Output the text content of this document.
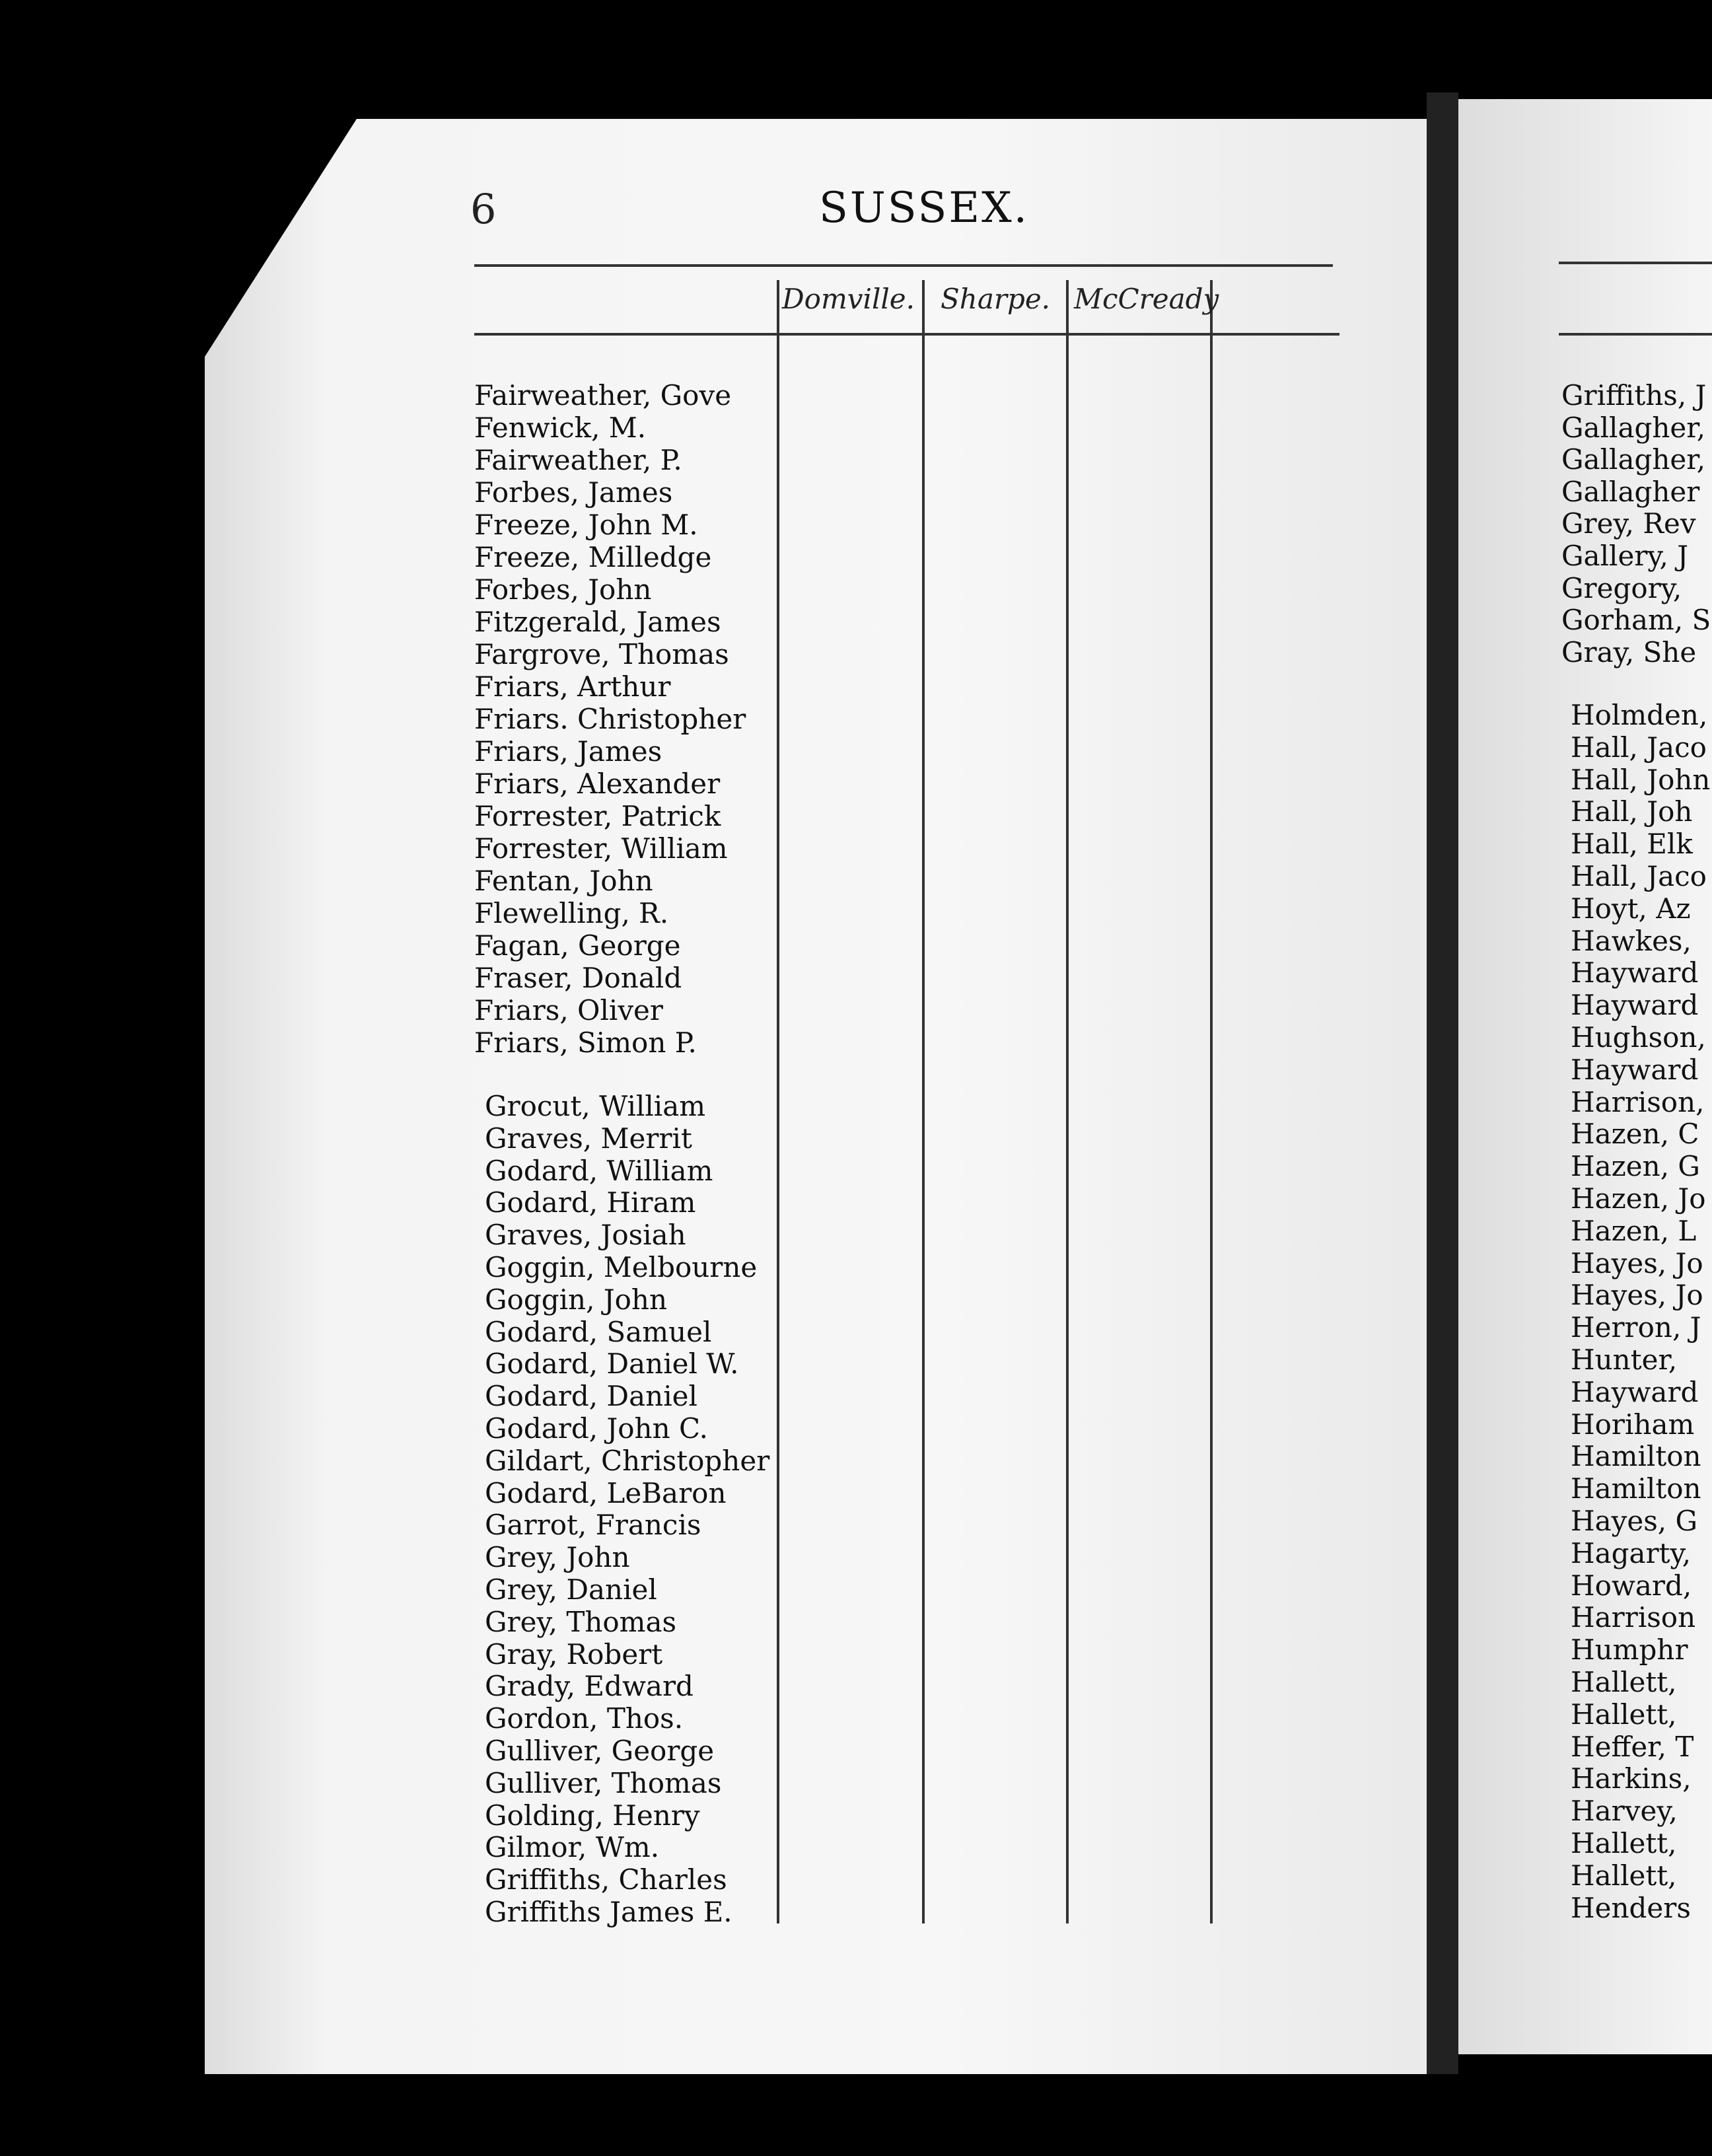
6	SUSSEX.
Domville. Sharpe. McCready
Fairweather, Gove
Fenwick, M.
Fairweather, P.
Forbes, James
Freeze, John M.
Freeze, Milledge
Forbes, John
Fitzgerald, James
Fargrove, Thomas
Friars, Arthur
Friars. Christopher
Friars, James
Friars, Alexander
Forrester, Patrick
Forrester, William
Fentan, John
Flewelling, R.
Fagan, George
Fraser, Donald
Friars, Oliver
Friars, Simon P.
Grocut, William
Graves, Merrit
Godard, William
Godard, Hiram
Graves, Josiah
Goggin, Melbourne
Goggin, John
Godard, Samuel
Godard, Daniel W.
Godard, Daniel
Godard, John C.
Gildart, Christopher
Godard, LeBaron
Garrot, Francis
Grey, John
Grey, Daniel
Grey, Thomas
Gray, Robert
Grady, Edward
Gordon, Thos.
Gulliver, George
Gulliver, Thomas
Golding, Henry
Gilmor, Wm.
Griffiths, Charles
Griffiths James E.
Griffiths, J
Gallagher,
Gallagher,
Gallagher
Grey, Rev
Gallery, J
Gregory,
Gorham, S
Gray, She
Holmden,
Hall, Jaco
Hall, John
Hall, Joh
Hall, Elk
Hall, Jaco
Hoyt, Az
Hawkes,
Hayward
Hayward
Hughson,
Hayward
Harrison,
Hazen, C
Hazen, G
Hazen, Jo
Hazen, L
Hayes, Jo
Hayes, Jo
Herron, J
Hunter,
Hayward
Horiham
Hamilton
Hamilton
Hayes, G
Hagarty,
Howard,
Harrison
Humphr
Hallett,
Hallett,
Heffer, T
Harkins,
Harvey,
Hallett,
Hallett,
Henders
